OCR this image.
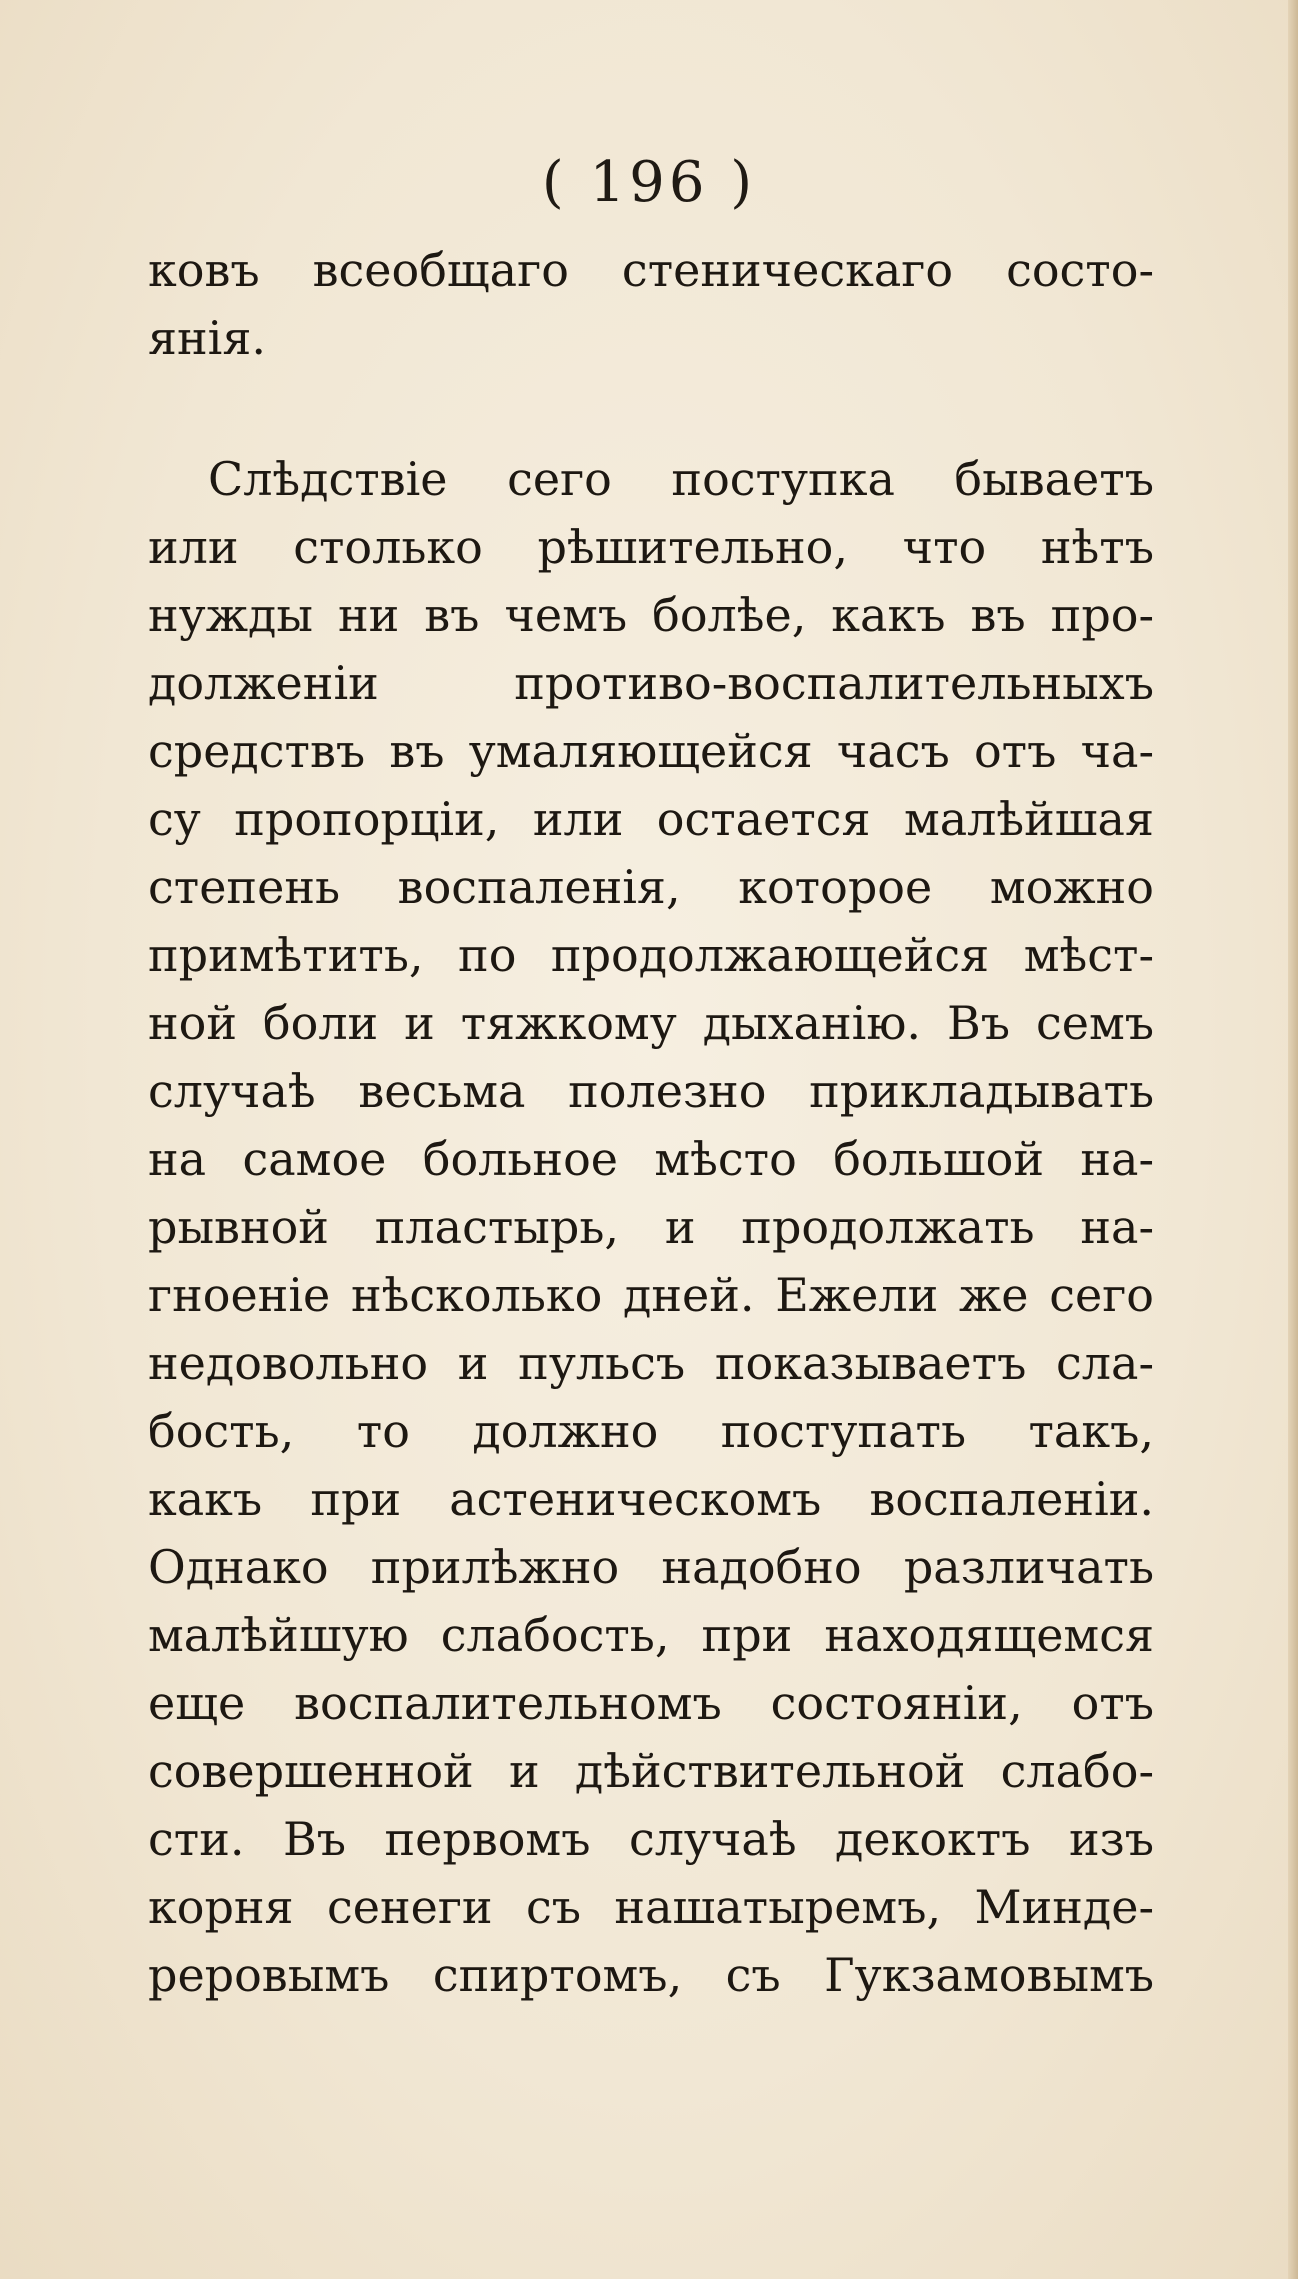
( 196 )
ковъ всеобщаго стеническаго состо-
янія.
Слѣдствіе сего поступка бываетъ
или столько рѣшительно, что нѣтъ
нужды ни въ чемъ болѣе, какъ въ про-
долженіи противо-воспалительныхъ
средствъ въ умаляющейся часъ отъ ча-
су пропорціи, или остается малѣйшая
степень воспаленія, которое можно
примѣтить, по продолжающейся мѣст-
ной боли и тяжкому дыханію. Въ семъ
случаѣ весьма полезно прикладывать
на самое больное мѣсто большой на-
рывной пластырь, и продолжать на-
гноеніе нѣсколько дней. Ежели же сего
недовольно и пульсъ показываетъ сла-
бость, то должно поступать такъ,
какъ при астеническомъ воспаленіи.
Однако прилѣжно надобно различать
малѣйшую слабость, при находящемся
еще воспалительномъ состояніи, отъ
совершенной и дѣйствительной слабо-
сти. Въ первомъ случаѣ декоктъ изъ
корня сенеги съ нашатыремъ, Минде-
реровымъ спиртомъ, съ Гукзамовымъ
